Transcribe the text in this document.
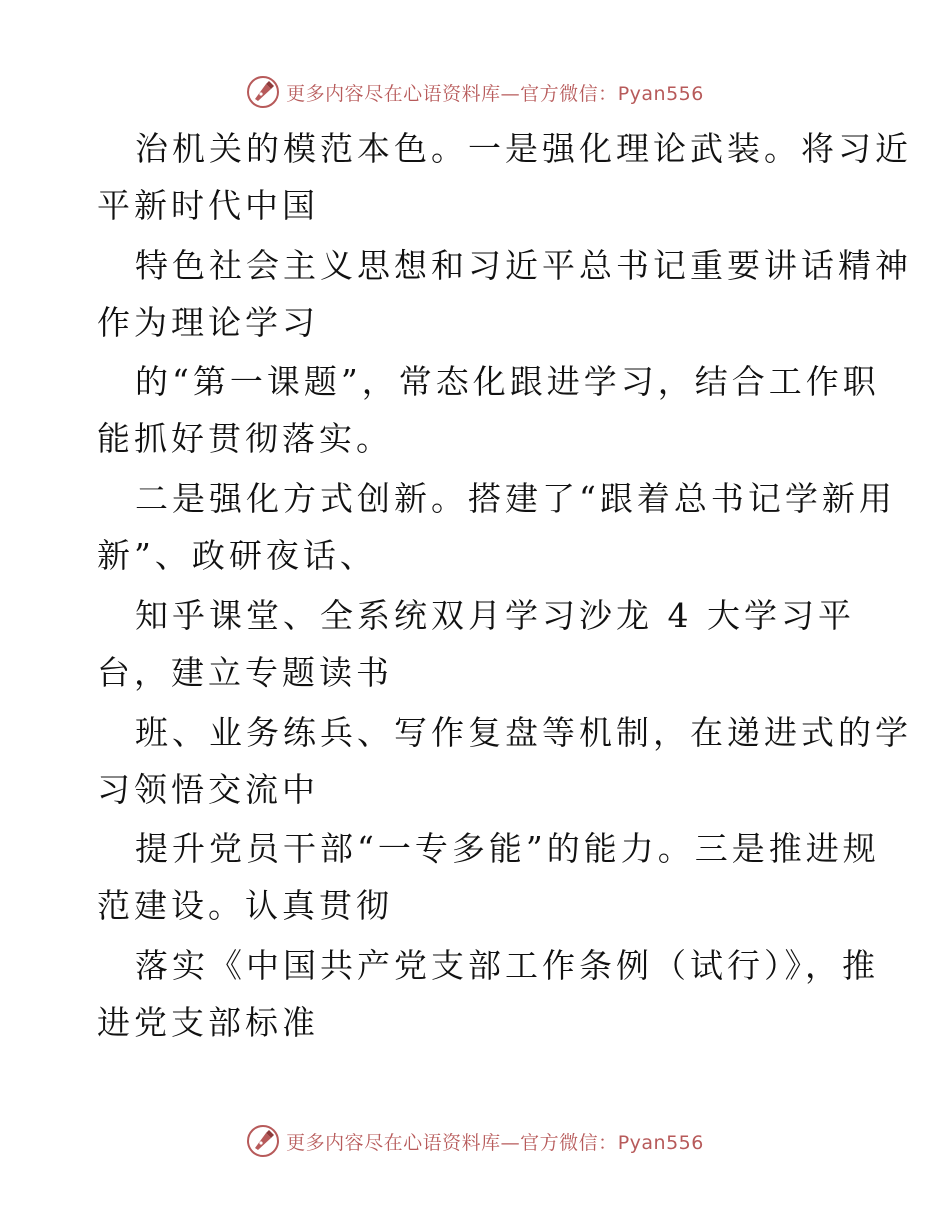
更多内容尽在心语资料库—官方微信：Pyan556
治机关的模范本色。一是强化理论武装。将习近
平新时代中国
特色社会主义思想和习近平总书记重要讲话精神
作为理论学习
的“第一课题”，常态化跟进学习，结合工作职
能抓好贯彻落实。
二是强化方式创新。搭建了“跟着总书记学新用
新”、政研夜话、
知乎课堂、全系统双月学习沙龙 4 大学习平
台，建立专题读书
班、业务练兵、写作复盘等机制，在递进式的学
习领悟交流中
提升党员干部“一专多能”的能力。三是推进规
范建设。认真贯彻
落实《中国共产党支部工作条例（试行）》，推
进党支部标准
更多内容尽在心语资料库—官方微信：Pyan556
